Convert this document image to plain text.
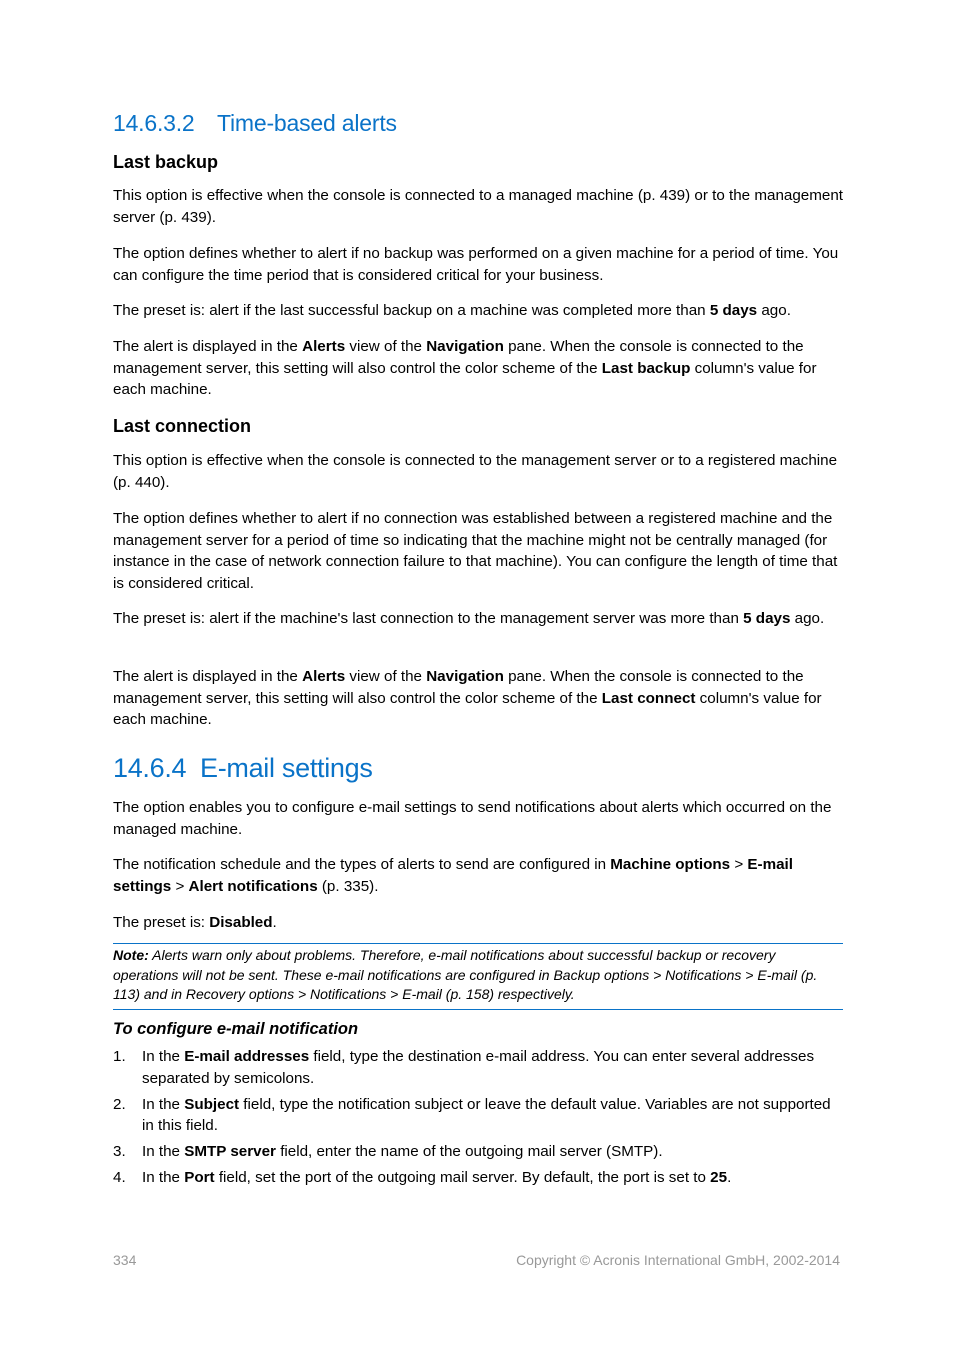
14.6.3.2 Time-based alerts
Last backup

This option is effective when the console is connected to a managed machine (p. 439) or to the management server (p. 439).

The option defines whether to alert if no backup was performed on a given machine for a period of time. You can configure the time period that is considered critical for your business.

The preset is: alert if the last successful backup on a machine was completed more than 5 days ago.

The alert is displayed in the Alerts view of the Navigation pane. When the console is connected to the management server, this setting will also control the color scheme of the Last backup column's value for each machine.

Last connection

This option is effective when the console is connected to the management server or to a registered machine (p. 440).

The option defines whether to alert if no connection was established between a registered machine and the management server for a period of time so indicating that the machine might not be centrally managed (for instance in the case of network connection failure to that machine). You can configure the length of time that is considered critical.

The preset is: alert if the machine's last connection to the management server was more than 5 days ago.

The alert is displayed in the Alerts view of the Navigation pane. When the console is connected to the management server, this setting will also control the color scheme of the Last connect column's value for each machine.

14.6.4 E-mail settings

The option enables you to configure e-mail settings to send notifications about alerts which occurred on the managed machine.

The notification schedule and the types of alerts to send are configured in Machine options > E-mail settings > Alert notifications (p. 335).

The preset is: Disabled.

Note: Alerts warn only about problems. Therefore, e-mail notifications about successful backup or recovery operations will not be sent. These e-mail notifications are configured in Backup options > Notifications > E-mail (p. 113) and in Recovery options > Notifications > E-mail (p. 158) respectively.
To configure e-mail notification
1. In the E-mail addresses field, type the destination e-mail address. You can enter several addresses separated by semicolons.
2. In the Subject field, type the notification subject or leave the default value. Variables are not supported in this field.
3. In the SMTP server field, enter the name of the outgoing mail server (SMTP).
4. In the Port field, set the port of the outgoing mail server. By default, the port is set to 25.
334	Copyright © Acronis International GmbH, 2002-2014
